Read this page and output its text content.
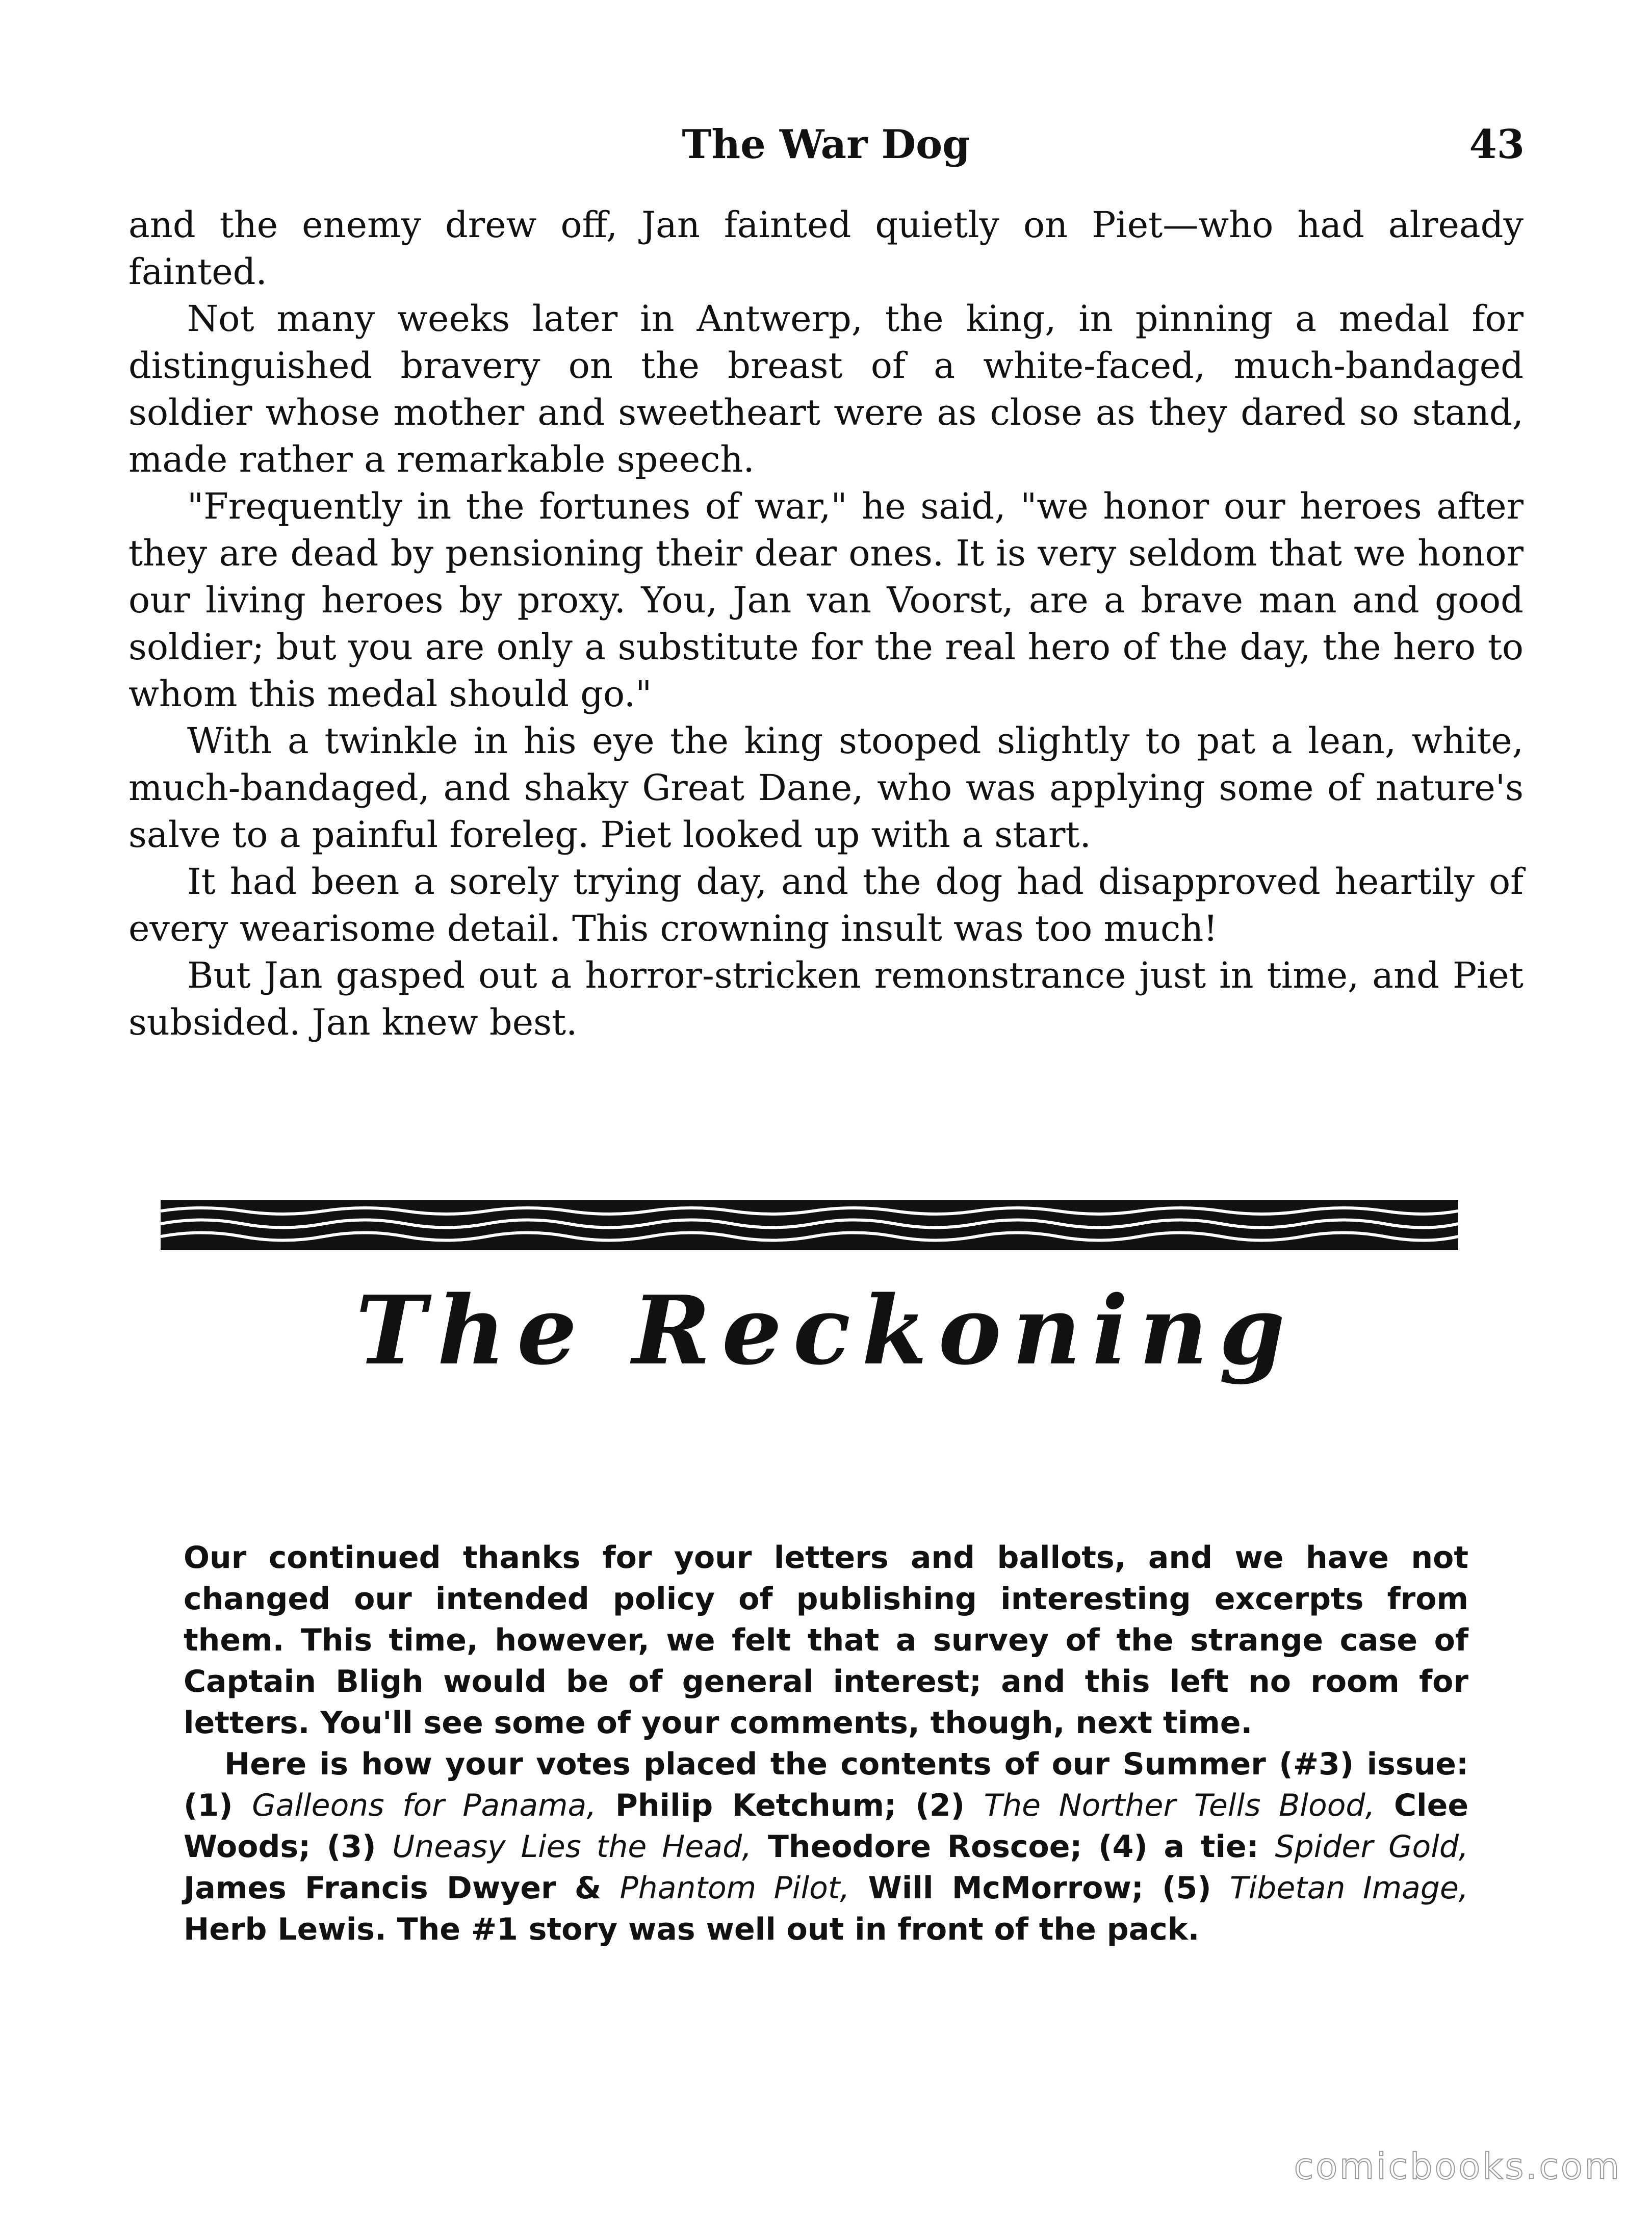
The War Dog	43

and the enemy drew off, Jan fainted quietly on Piet—who had already fainted.

Not many weeks later in Antwerp, the king, in pinning a medal for distinguished bravery on the breast of a white-faced, much-bandaged soldier whose mother and sweetheart were as close as they dared so stand, made rather a remarkable speech.

"Frequently in the fortunes of war," he said, "we honor our heroes after they are dead by pensioning their dear ones. It is very seldom that we honor our living heroes by proxy. You, Jan van Voorst, are a brave man and good soldier; but you are only a substitute for the real hero of the day, the hero to whom this medal should go."

With a twinkle in his eye the king stooped slightly to pat a lean, white, much-bandaged, and shaky Great Dane, who was applying some of nature's salve to a painful foreleg. Piet looked up with a start.

It had been a sorely trying day, and the dog had disapproved heartily of every wearisome detail. This crowning insult was too much!

But Jan gasped out a horror-stricken remonstrance just in time, and Piet subsided. Jan knew best.

The Reckoning

Our continued thanks for your letters and ballots, and we have not changed our intended policy of publishing interesting excerpts from them. This time, however, we felt that a survey of the strange case of Captain Bligh would be of general interest; and this left no room for letters. You'll see some of your comments, though, next time.

Here is how your votes placed the contents of our Summer (#3) issue: (1) Galleons for Panama, Philip Ketchum; (2) The Norther Tells Blood, Clee Woods; (3) Uneasy Lies the Head, Theodore Roscoe; (4) a tie: Spider Gold, James Francis Dwyer & Phantom Pilot, Will McMorrow; (5) Tibetan Image, Herb Lewis. The #1 story was well out in front of the pack.

comicbooks.com
